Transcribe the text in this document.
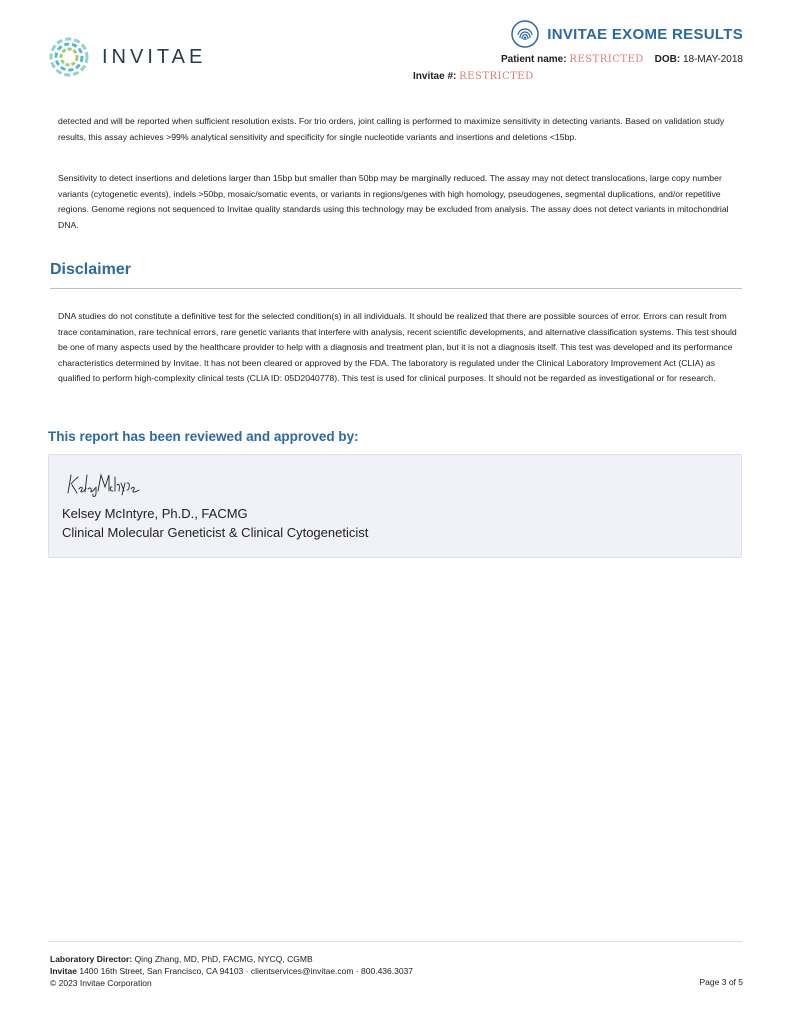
INVITAE
INVITAE EXOME RESULTS
Patient name: RESTRICTED DOB: 18-MAY-2018
Invitae #: RESTRICTED
detected and will be reported when sufficient resolution exists. For trio orders, joint calling is performed to maximize sensitivity in detecting variants. Based on validation study results, this assay achieves >99% analytical sensitivity and specificity for single nucleotide variants and insertions and deletions <15bp.
Sensitivity to detect insertions and deletions larger than 15bp but smaller than 50bp may be marginally reduced. The assay may not detect translocations, large copy number variants (cytogenetic events), indels >50bp, mosaic/somatic events, or variants in regions/genes with high homology, pseudogenes, segmental duplications, and/or repetitive regions. Genome regions not sequenced to Invitae quality standards using this technology may be excluded from analysis. The assay does not detect variants in mitochondrial DNA.
Disclaimer
DNA studies do not constitute a definitive test for the selected condition(s) in all individuals. It should be realized that there are possible sources of error. Errors can result from trace contamination, rare technical errors, rare genetic variants that interfere with analysis, recent scientific developments, and alternative classification systems. This test should be one of many aspects used by the healthcare provider to help with a diagnosis and treatment plan, but it is not a diagnosis itself. This test was developed and its performance characteristics determined by Invitae. It has not been cleared or approved by the FDA. The laboratory is regulated under the Clinical Laboratory Improvement Act (CLIA) as qualified to perform high-complexity clinical tests (CLIA ID: 05D2040778). This test is used for clinical purposes. It should not be regarded as investigational or for research.
This report has been reviewed and approved by:
Kelsey McIntyre, Ph.D., FACMG
Clinical Molecular Geneticist & Clinical Cytogeneticist
Laboratory Director: Qing Zhang, MD, PhD, FACMG, NYCQ, CGMB
Invitae 1400 16th Street, San Francisco, CA 94103 · clientservices@invitae.com · 800.436.3037
© 2023 Invitae Corporation	Page 3 of 5
